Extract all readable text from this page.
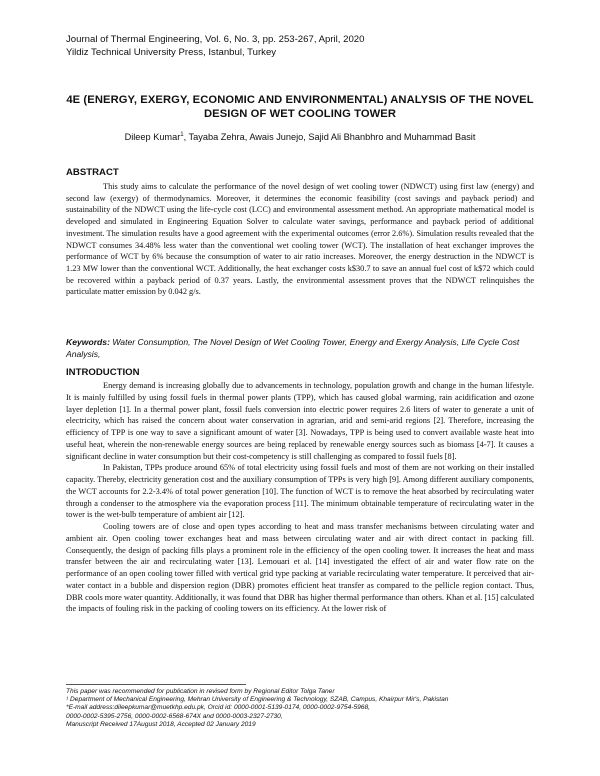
Journal of Thermal Engineering, Vol. 6, No. 3, pp. 253-267, April, 2020
Yildiz Technical University Press, Istanbul, Turkey
4E (ENERGY, EXERGY, ECONOMIC AND ENVIRONMENTAL) ANALYSIS OF THE NOVEL DESIGN OF WET COOLING TOWER
Dileep Kumar$^1$, Tayaba Zehra, Awais Junejo, Sajid Ali Bhanbhro and Muhammad Basit
ABSTRACT
This study aims to calculate the performance of the novel design of wet cooling tower (NDWCT) using first law (energy) and second law (exergy) of thermodynamics. Moreover, it determines the economic feasibility (cost savings and payback period) and sustainability of the NDWCT using the life-cycle cost (LCC) and environmental assessment method. An appropriate mathematical model is developed and simulated in Engineering Equation Solver to calculate water savings, performance and payback period of additional investment. The simulation results have a good agreement with the experimental outcomes (error 2.6%). Simulation results revealed that the NDWCT consumes 34.48% less water than the conventional wet cooling tower (WCT). The installation of heat exchanger improves the performance of WCT by 6% because the consumption of water to air ratio increases. Moreover, the energy destruction in the NDWCT is 1.23 MW lower than the conventional WCT. Additionally, the heat exchanger costs k$30.7 to save an annual fuel cost of k$72 which could be recovered within a payback period of 0.37 years. Lastly, the environmental assessment proves that the NDWCT relinquishes the particulate matter emission by 0.042 g/s.
Keywords: Water Consumption, The Novel Design of Wet Cooling Tower, Energy and Exergy Analysis, Life Cycle Cost Analysis,
INTRODUCTION

Energy demand is increasing globally due to advancements in technology, population growth and change in the human lifestyle. It is mainly fulfilled by using fossil fuels in thermal power plants (TPP), which has caused global warming, rain acidification and ozone layer depletion [1]. In a thermal power plant, fossil fuels conversion into electric power requires 2.6 liters of water to generate a unit of electricity, which has raised the concern about water conservation in agrarian, arid and semi-arid regions [2]. Therefore, increasing the efficiency of TPP is one way to save a significant amount of water [3]. Nowadays, TPP is being used to convert available waste heat into useful heat, wherein the non-renewable energy sources are being replaced by renewable energy sources such as biomass [4-7]. It causes a significant decline in water consumption but their cost-competency is still challenging as compared to fossil fuels [8].

In Pakistan, TPPs produce around 65% of total electricity using fossil fuels and most of them are not working on their installed capacity. Thereby, electricity generation cost and the auxiliary consumption of TPPs is very high [9]. Among different auxiliary components, the WCT accounts for 2.2-3.4% of total power generation [10]. The function of WCT is to remove the heat absorbed by recirculating water through a condenser to the atmosphere via the evaporation process [11]. The minimum obtainable temperature of recirculating water in the tower is the wet-bulb temperature of ambient air [12].

Cooling towers are of close and open types according to heat and mass transfer mechanisms between circulating water and ambient air. Open cooling tower exchanges heat and mass between circulating water and air with direct contact in packing fill. Consequently, the design of packing fills plays a prominent role in the efficiency of the open cooling tower. It increases the heat and mass transfer between the air and recirculating water [13]. Lemouari et al. [14] investigated the effect of air and water flow rate on the performance of an open cooling tower filled with vertical grid type packing at variable recirculating water temperature. It perceived that air-water contact in a bubble and dispersion region (DBR) promotes efficient heat transfer as compared to the pellicle region contact. Thus, DBR cools more water quantity. Additionally, it was found that DBR has higher thermal performance than others. Khan et al. [15] calculated the impacts of fouling risk in the packing of cooling towers on its efficiency. At the lower risk of

This paper was recommended for publication in revised form by Regional Editor Tolga Taner
¹ Department of Mechanical Engineering, Mehran University of Engineering & Technology, SZAB, Campus, Khairpur Mir's, Pakistan
*E-mail address:dileepkumar@muetkhp.edu.pk, Orcid id: 0000-0001-5139-0174, 0000-0002-9754-5968,
0000-0002-5395-2756, 0000-0002-6568-674X and 0000-0003-2327-2730,
Manuscript Received 17August 2018, Accepted 02 January 2019
